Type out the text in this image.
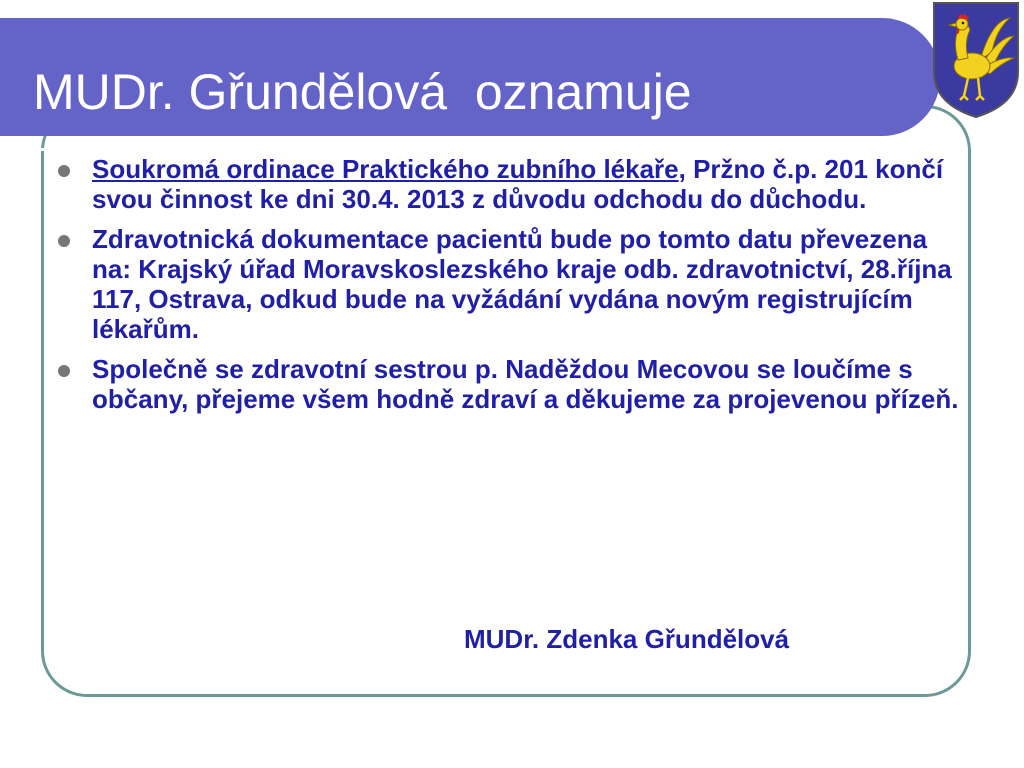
MUDr. Gřundělová  oznamuje
Soukromá ordinace Praktického zubního lékaře, Pržno č.p. 201 končí svou činnost ke dni 30.4. 2013 z důvodu odchodu do důchodu.
Zdravotnická dokumentace pacientů bude po tomto datu převezena na: Krajský úřad Moravskoslezského kraje odb. zdravotnictví, 28.října 117, Ostrava, odkud bude na vyžádání vydána novým registrujícím lékařům.
Společně se zdravotní sestrou p. Naděždou Mecovou se loučíme s občany, přejeme všem hodně zdraví a děkujeme za projevenou přízeň.
MUDr. Zdenka Gřundělová
